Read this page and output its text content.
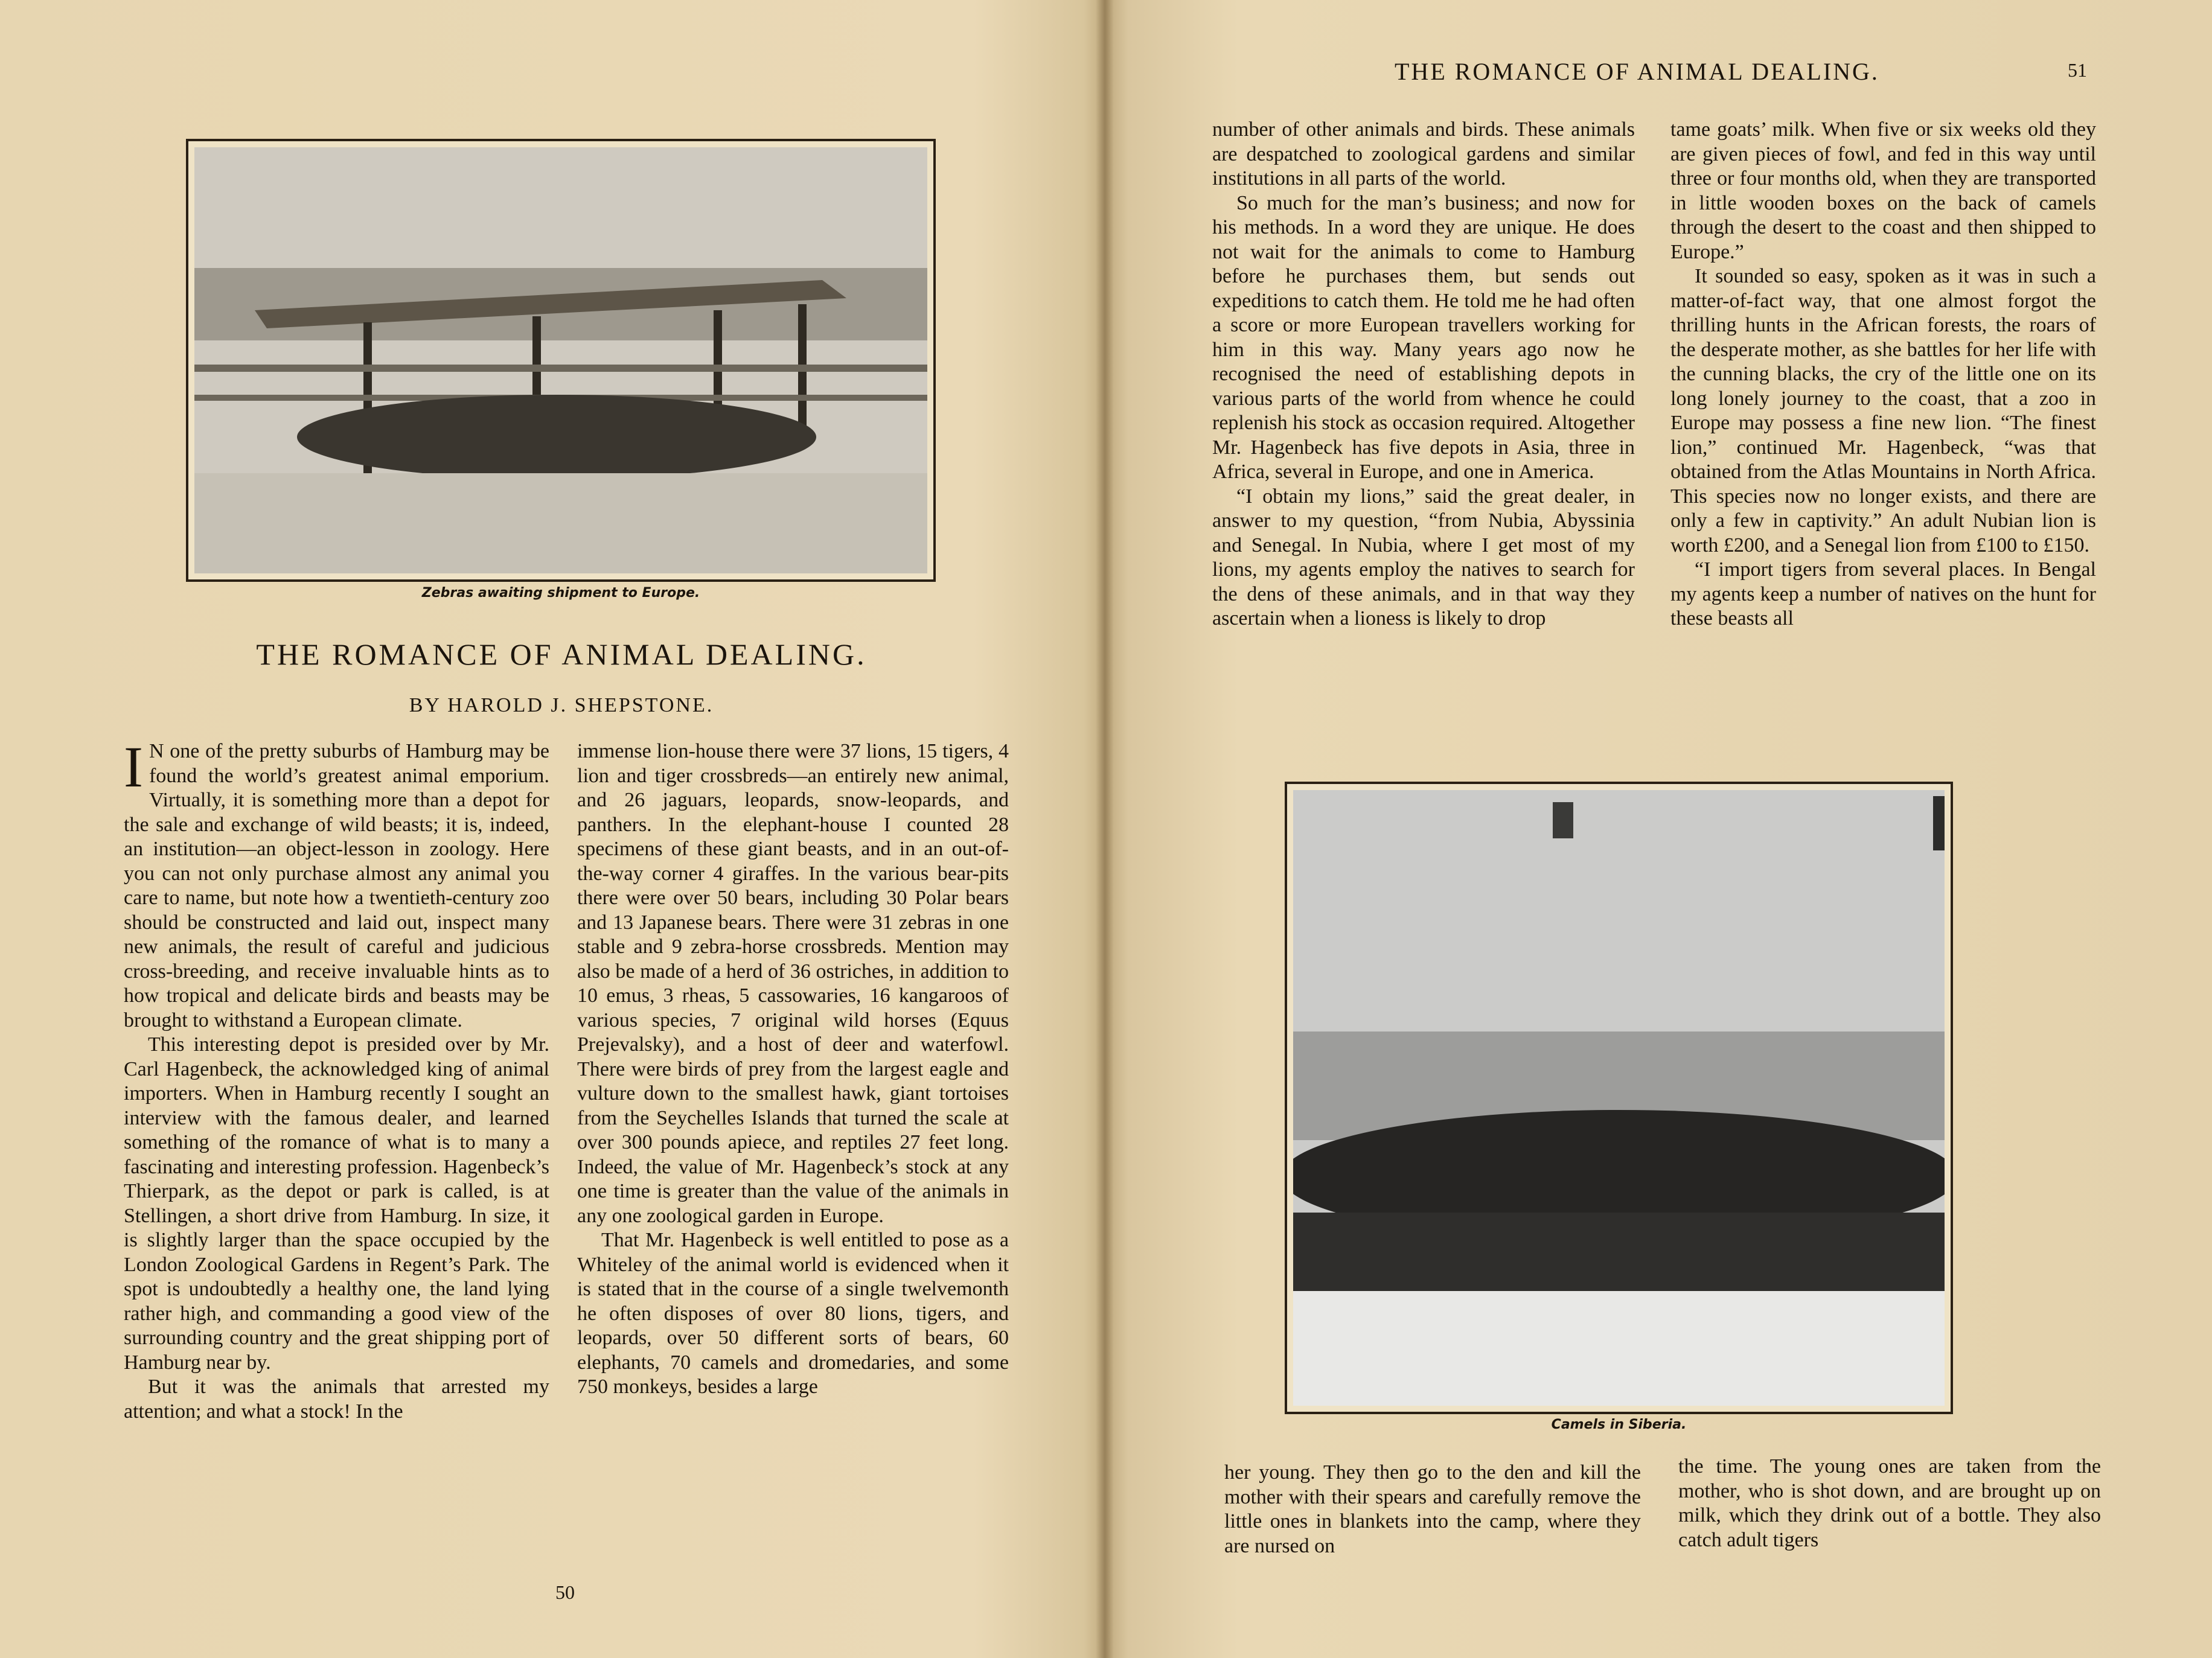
Zebras awaiting shipment to Europe.
THE ROMANCE OF ANIMAL DEALING.
BY HAROLD J. SHEPSTONE.

I N one of the pretty suburbs of Hamburg may be found the world’s greatest animal emporium. Virtually, it is something more than a depot for the sale and exchange of wild beasts; it is, indeed, an institution—an object-lesson in zoology. Here you can not only purchase almost any animal you care to name, but note how a twentieth-century zoo should be constructed and laid out, inspect many new animals, the result of careful and judicious cross-breeding, and receive invaluable hints as to how tropical and delicate birds and beasts may be brought to withstand a European climate.

This interesting depot is presided over by Mr. Carl Hagenbeck, the acknowledged king of animal importers. When in Hamburg recently I sought an interview with the famous dealer, and learned something of the romance of what is to many a fascinating and interesting profession. Hagenbeck’s Thierpark, as the depot or park is called, is at Stellingen, a short drive from Hamburg. In size, it is slightly larger than the space occupied by the London Zoological Gardens in Regent’s Park. The spot is undoubtedly a healthy one, the land lying rather high, and commanding a good view of the surrounding country and the great shipping port of Hamburg near by.

But it was the animals that arrested my attention; and what a stock! In the

immense lion-house there were 37 lions, 15 tigers, 4 lion and tiger crossbreds—an entirely new animal, and 26 jaguars, leopards, snow-leopards, and panthers. In the elephant-house I counted 28 specimens of these giant beasts, and in an out-of-the-way corner 4 giraffes. In the various bear-pits there were over 50 bears, including 30 Polar bears and 13 Japanese bears. There were 31 zebras in one stable and 9 zebra-horse crossbreds. Mention may also be made of a herd of 36 ostriches, in addition to 10 emus, 3 rheas, 5 cassowaries, 16 kangaroos of various species, 7 original wild horses (Equus Prejevalsky), and a host of deer and waterfowl. There were birds of prey from the largest eagle and vulture down to the smallest hawk, giant tortoises from the Seychelles Islands that turned the scale at over 300 pounds apiece, and reptiles 27 feet long. Indeed, the value of Mr. Hagenbeck’s stock at any one time is greater than the value of the animals in any one zoological garden in Europe.

That Mr. Hagenbeck is well entitled to pose as a Whiteley of the animal world is evidenced when it is stated that in the course of a single twelvemonth he often disposes of over 80 lions, tigers, and leopards, over 50 different sorts of bears, 60 elephants, 70 camels and dromedaries, and some 750 monkeys, besides a large

50
THE ROMANCE OF ANIMAL DEALING.	51

number of other animals and birds. These animals are despatched to zoological gardens and similar institutions in all parts of the world.

So much for the man’s business; and now for his methods. In a word they are unique. He does not wait for the animals to come to Hamburg before he purchases them, but sends out expeditions to catch them. He told me he had often a score or more European travellers working for him in this way. Many years ago now he recognised the need of establishing depots in various parts of the world from whence he could replenish his stock as occasion required. Altogether Mr. Hagenbeck has five depots in Asia, three in Africa, several in Europe, and one in America.

“I obtain my lions,” said the great dealer, in answer to my question, “from Nubia, Abyssinia and Senegal. In Nubia, where I get most of my lions, my agents employ the natives to search for the dens of these animals, and in that way they ascertain when a lioness is likely to drop

tame goats’ milk. When five or six weeks old they are given pieces of fowl, and fed in this way until three or four months old, when they are transported in little wooden boxes on the back of camels through the desert to the coast and then shipped to Europe.”

It sounded so easy, spoken as it was in such a matter-of-fact way, that one almost forgot the thrilling hunts in the African forests, the roars of the desperate mother, as she battles for her life with the cunning blacks, the cry of the little one on its long lonely journey to the coast, that a zoo in Europe may possess a fine new lion. “The finest lion,” continued Mr. Hagenbeck, “was that obtained from the Atlas Mountains in North Africa. This species now no longer exists, and there are only a few in captivity.” An adult Nubian lion is worth £200, and a Senegal lion from £100 to £150.

“I import tigers from several places. In Bengal my agents keep a number of natives on the hunt for these beasts all

Camels in Siberia.

her young. They then go to the den and kill the mother with their spears and carefully remove the little ones in blankets into the camp, where they are nursed on

the time. The young ones are taken from the mother, who is shot down, and are brought up on milk, which they drink out of a bottle. They also catch adult tigers
